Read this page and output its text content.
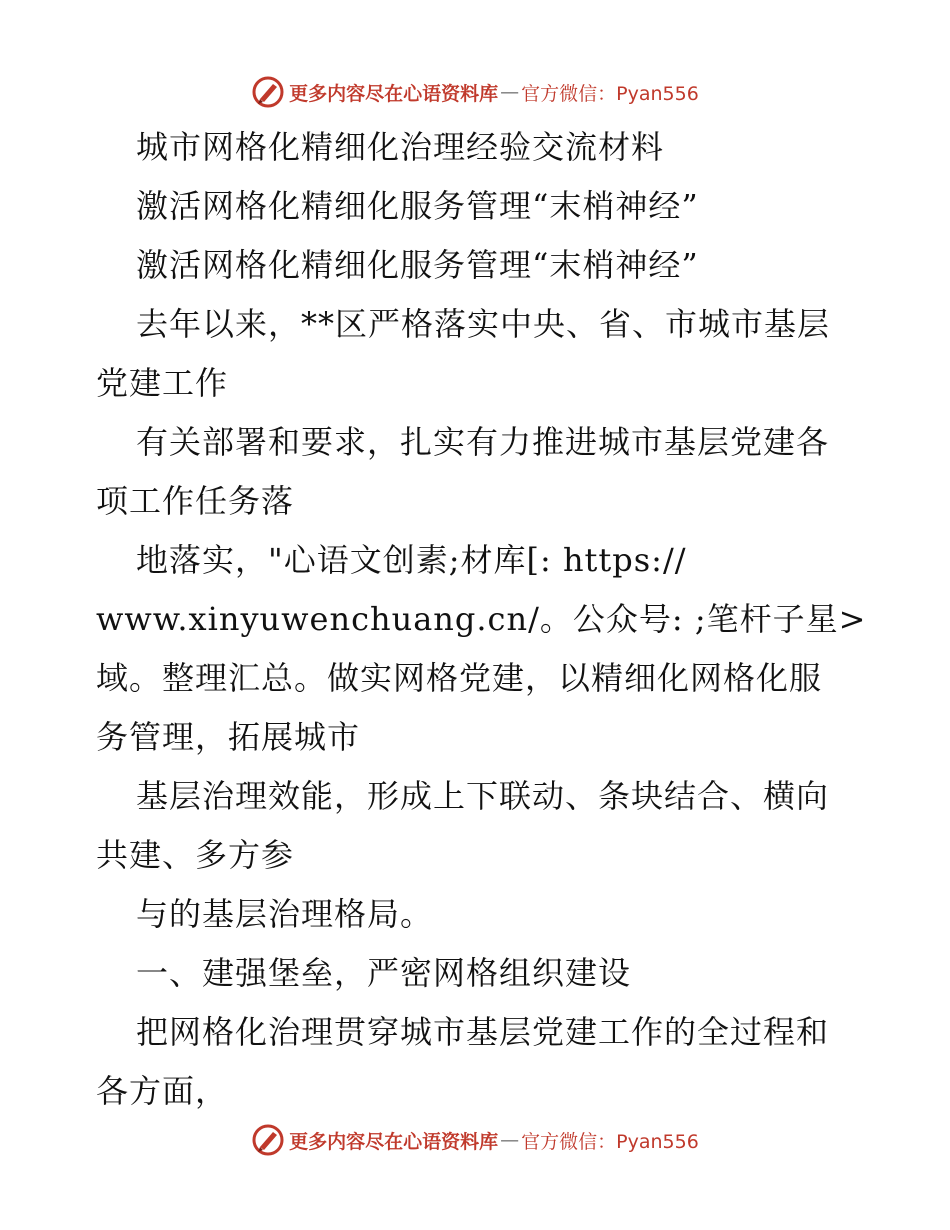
更多内容尽在心语资料库 — 官方微信：Pyan556
城市网格化精细化治理经验交流材料
激活网格化精细化服务管理“末梢神经”
激活网格化精细化服务管理“末梢神经”
去年以来，**区严格落实中央、省、市城市基层
党建工作
有关部署和要求，扎实有力推进城市基层党建各
项工作任务落
地落实，"心语文创素;材库[: https://
www.xinyuwenchuang.cn/。公众号: ;笔杆子星>
域。整理汇总。做实网格党建，以精细化网格化服
务管理，拓展城市
基层治理效能，形成上下联动、条块结合、横向
共建、多方参
与的基层治理格局。
一、建强堡垒，严密网格组织建设
把网格化治理贯穿城市基层党建工作的全过程和
各方面，
更多内容尽在心语资料库 — 官方微信：Pyan556
